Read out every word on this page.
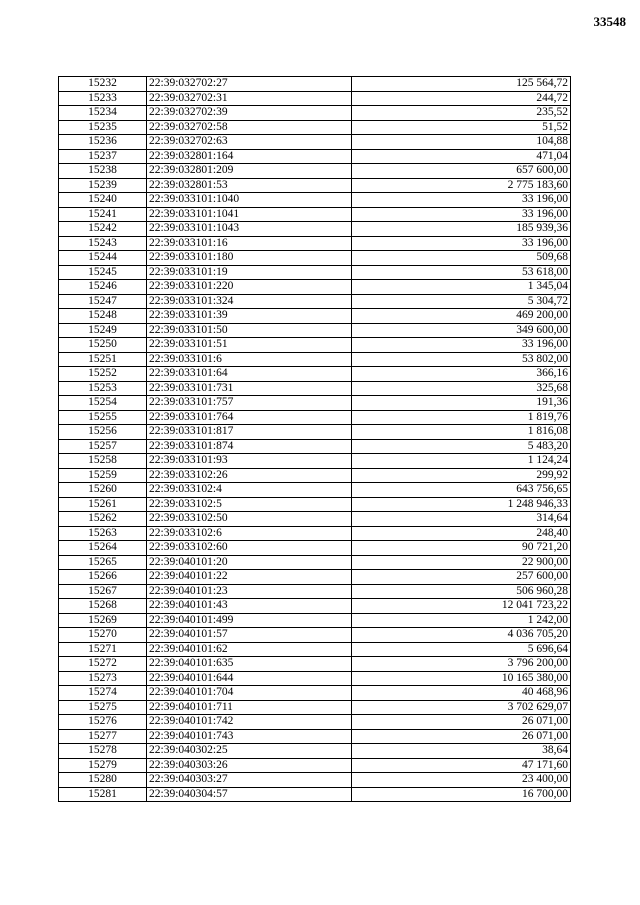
33548
15232	22:39:032702:27	125 564,72
15233	22:39:032702:31	244,72
15234	22:39:032702:39	235,52
15235	22:39:032702:58	51,52
15236	22:39:032702:63	104,88
15237	22:39:032801:164	471,04
15238	22:39:032801:209	657 600,00
15239	22:39:032801:53	2 775 183,60
15240	22:39:033101:1040	33 196,00
15241	22:39:033101:1041	33 196,00
15242	22:39:033101:1043	185 939,36
15243	22:39:033101:16	33 196,00
15244	22:39:033101:180	509,68
15245	22:39:033101:19	53 618,00
15246	22:39:033101:220	1 345,04
15247	22:39:033101:324	5 304,72
15248	22:39:033101:39	469 200,00
15249	22:39:033101:50	349 600,00
15250	22:39:033101:51	33 196,00
15251	22:39:033101:6	53 802,00
15252	22:39:033101:64	366,16
15253	22:39:033101:731	325,68
15254	22:39:033101:757	191,36
15255	22:39:033101:764	1 819,76
15256	22:39:033101:817	1 816,08
15257	22:39:033101:874	5 483,20
15258	22:39:033101:93	1 124,24
15259	22:39:033102:26	299,92
15260	22:39:033102:4	643 756,65
15261	22:39:033102:5	1 248 946,33
15262	22:39:033102:50	314,64
15263	22:39:033102:6	248,40
15264	22:39:033102:60	90 721,20
15265	22:39:040101:20	22 900,00
15266	22:39:040101:22	257 600,00
15267	22:39:040101:23	506 960,28
15268	22:39:040101:43	12 041 723,22
15269	22:39:040101:499	1 242,00
15270	22:39:040101:57	4 036 705,20
15271	22:39:040101:62	5 696,64
15272	22:39:040101:635	3 796 200,00
15273	22:39:040101:644	10 165 380,00
15274	22:39:040101:704	40 468,96
15275	22:39:040101:711	3 702 629,07
15276	22:39:040101:742	26 071,00
15277	22:39:040101:743	26 071,00
15278	22:39:040302:25	38,64
15279	22:39:040303:26	47 171,60
15280	22:39:040303:27	23 400,00
15281	22:39:040304:57	16 700,00
